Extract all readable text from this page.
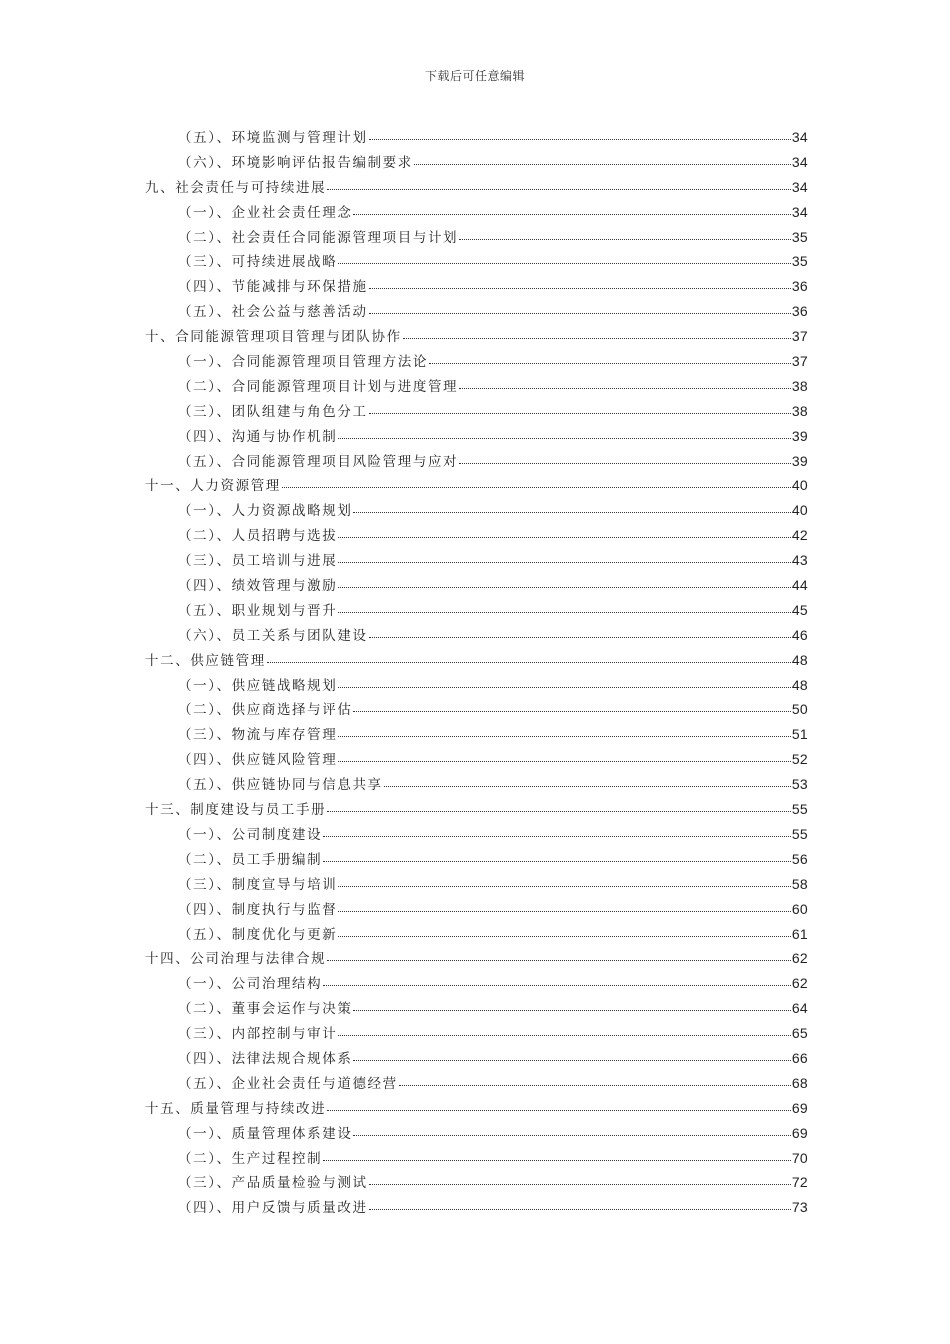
下载后可任意编辑
（五）、环境监测与管理计划	34
（六）、环境影响评估报告编制要求	34
九、社会责任与可持续进展	34
（一）、企业社会责任理念	34
（二）、社会责任合同能源管理项目与计划	35
（三）、可持续进展战略	35
（四）、节能减排与环保措施	36
（五）、社会公益与慈善活动	36
十、合同能源管理项目管理与团队协作	37
（一）、合同能源管理项目管理方法论	37
（二）、合同能源管理项目计划与进度管理	38
（三）、团队组建与角色分工	38
（四）、沟通与协作机制	39
（五）、合同能源管理项目风险管理与应对	39
十一、人力资源管理	40
（一）、人力资源战略规划	40
（二）、人员招聘与选拔	42
（三）、员工培训与进展	43
（四）、绩效管理与激励	44
（五）、职业规划与晋升	45
（六）、员工关系与团队建设	46
十二、供应链管理	48
（一）、供应链战略规划	48
（二）、供应商选择与评估	50
（三）、物流与库存管理	51
（四）、供应链风险管理	52
（五）、供应链协同与信息共享	53
十三、制度建设与员工手册	55
（一）、公司制度建设	55
（二）、员工手册编制	56
（三）、制度宣导与培训	58
（四）、制度执行与监督	60
（五）、制度优化与更新	61
十四、公司治理与法律合规	62
（一）、公司治理结构	62
（二）、董事会运作与决策	64
（三）、内部控制与审计	65
（四）、法律法规合规体系	66
（五）、企业社会责任与道德经营	68
十五、质量管理与持续改进	69
（一）、质量管理体系建设	69
（二）、生产过程控制	70
（三）、产品质量检验与测试	72
（四）、用户反馈与质量改进	73
